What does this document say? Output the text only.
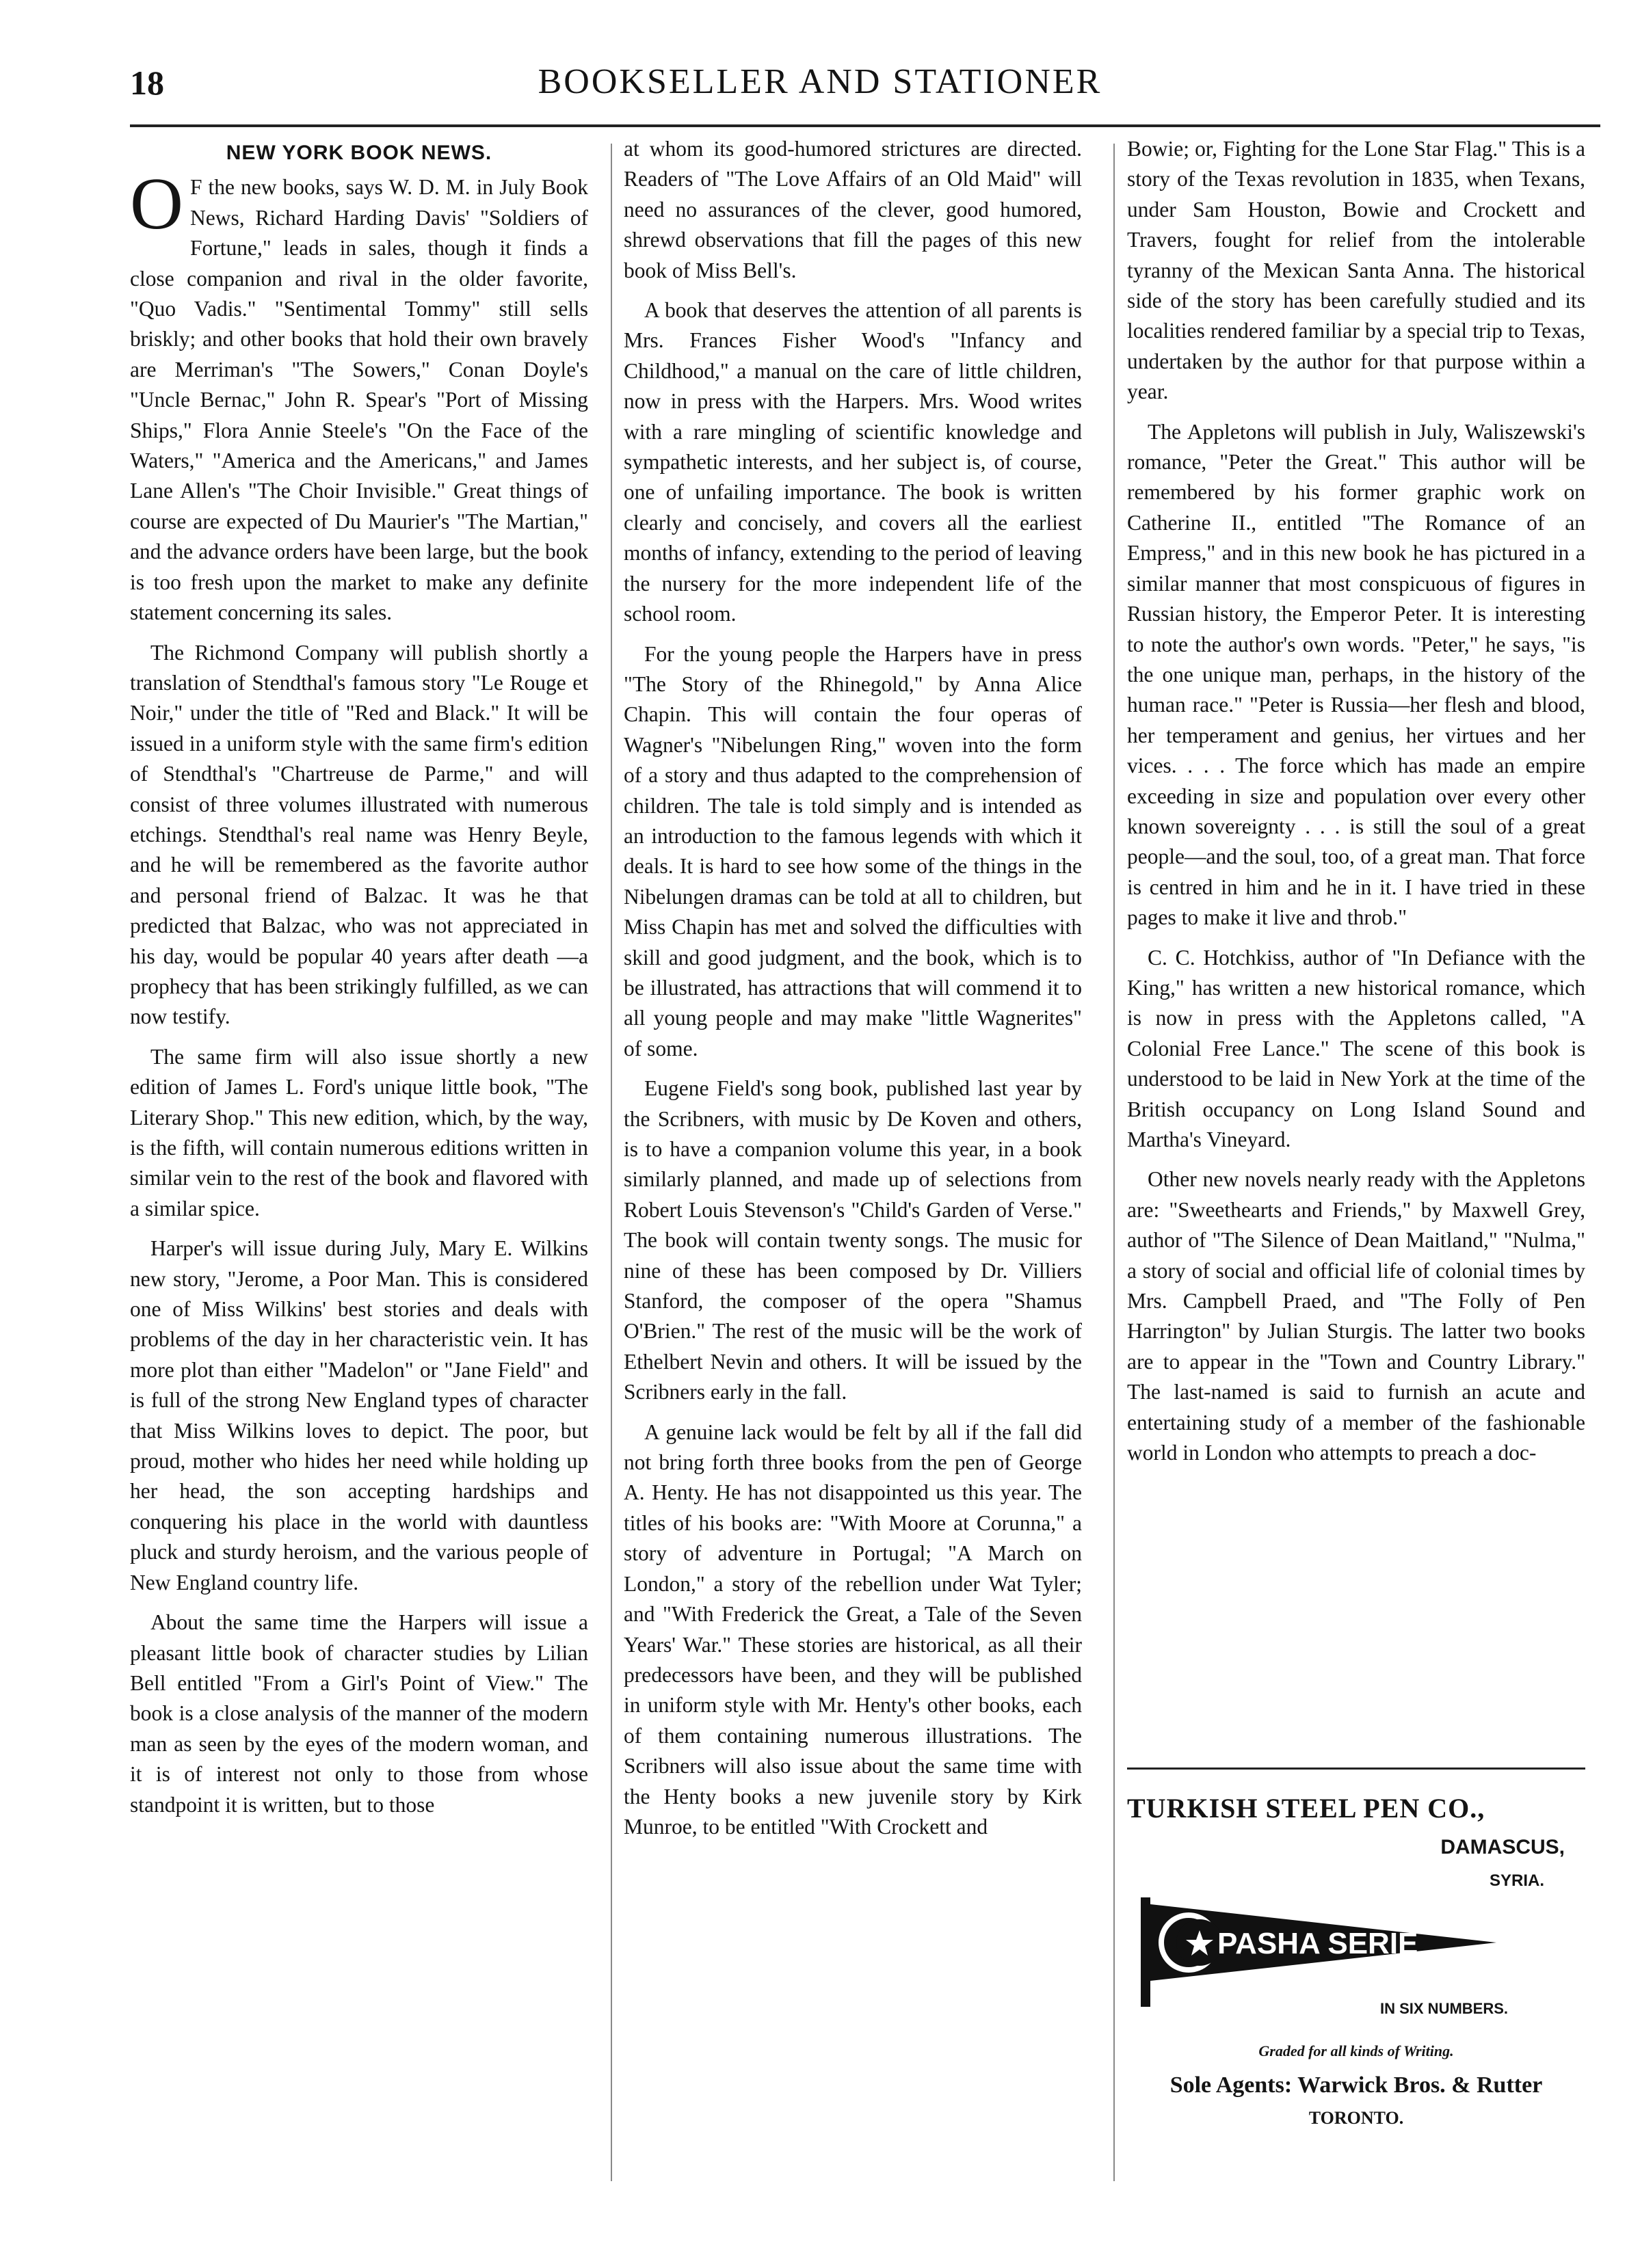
18	BOOKSELLER AND STATIONER
NEW YORK BOOK NEWS.

O F the new books, says W. D. M. in July Book News, Richard Harding Davis' "Soldiers of Fortune," leads in sales, though it finds a close companion and rival in the older favorite, "Quo Vadis." "Sentimental Tommy" still sells briskly; and other books that hold their own bravely are Merriman's "The Sowers," Conan Doyle's "Uncle Bernac," John R. Spear's "Port of Missing Ships," Flora Annie Steele's "On the Face of the Waters," "America and the Americans," and James Lane Allen's "The Choir Invisible." Great things of course are expected of Du Maurier's "The Martian," and the advance orders have been large, but the book is too fresh upon the market to make any definite statement concerning its sales.

The Richmond Company will publish shortly a translation of Stendthal's famous story "Le Rouge et Noir," under the title of "Red and Black." It will be issued in a uniform style with the same firm's edition of Stendthal's "Chartreuse de Parme," and will consist of three volumes illustrated with numerous etchings. Stendthal's real name was Henry Beyle, and he will be remembered as the favorite author and personal friend of Balzac. It was he that predicted that Balzac, who was not appreciated in his day, would be popular 40 years after death —a prophecy that has been strikingly fulfilled, as we can now testify.

The same firm will also issue shortly a new edition of James L. Ford's unique little book, "The Literary Shop." This new edition, which, by the way, is the fifth, will contain numerous editions written in similar vein to the rest of the book and flavored with a similar spice.

Harper's will issue during July, Mary E. Wilkins new story, "Jerome, a Poor Man. This is considered one of Miss Wilkins' best stories and deals with problems of the day in her characteristic vein. It has more plot than either "Madelon" or "Jane Field" and is full of the strong New England types of character that Miss Wilkins loves to depict. The poor, but proud, mother who hides her need while holding up her head, the son accepting hardships and conquering his place in the world with dauntless pluck and sturdy heroism, and the various people of New England country life.

About the same time the Harpers will issue a pleasant little book of character studies by Lilian Bell entitled "From a Girl's Point of View." The book is a close analysis of the manner of the modern man as seen by the eyes of the modern woman, and it is of interest not only to those from whose standpoint it is written, but to those

at whom its good-humored strictures are directed. Readers of "The Love Affairs of an Old Maid" will need no assurances of the clever, good humored, shrewd observations that fill the pages of this new book of Miss Bell's.

A book that deserves the attention of all parents is Mrs. Frances Fisher Wood's "Infancy and Childhood," a manual on the care of little children, now in press with the Harpers. Mrs. Wood writes with a rare mingling of scientific knowledge and sympathetic interests, and her subject is, of course, one of unfailing importance. The book is written clearly and concisely, and covers all the earliest months of infancy, extending to the period of leaving the nursery for the more independent life of the school room.

For the young people the Harpers have in press "The Story of the Rhinegold," by Anna Alice Chapin. This will contain the four operas of Wagner's "Nibelungen Ring," woven into the form of a story and thus adapted to the comprehension of children. The tale is told simply and is intended as an introduction to the famous legends with which it deals. It is hard to see how some of the things in the Nibelungen dramas can be told at all to children, but Miss Chapin has met and solved the difficulties with skill and good judgment, and the book, which is to be illustrated, has attractions that will commend it to all young people and may make "little Wagnerites" of some.

Eugene Field's song book, published last year by the Scribners, with music by De Koven and others, is to have a companion volume this year, in a book similarly planned, and made up of selections from Robert Louis Stevenson's "Child's Garden of Verse." The book will contain twenty songs. The music for nine of these has been composed by Dr. Villiers Stanford, the composer of the opera "Shamus O'Brien." The rest of the music will be the work of Ethelbert Nevin and others. It will be issued by the Scribners early in the fall.

A genuine lack would be felt by all if the fall did not bring forth three books from the pen of George A. Henty. He has not disappointed us this year. The titles of his books are: "With Moore at Corunna," a story of adventure in Portugal; "A March on London," a story of the rebellion under Wat Tyler; and "With Frederick the Great, a Tale of the Seven Years' War." These stories are historical, as all their predecessors have been, and they will be published in uniform style with Mr. Henty's other books, each of them containing numerous illustrations. The Scribners will also issue about the same time with the Henty books a new juvenile story by Kirk Munroe, to be entitled "With Crockett and

Bowie; or, Fighting for the Lone Star Flag." This is a story of the Texas revolution in 1835, when Texans, under Sam Houston, Bowie and Crockett and Travers, fought for relief from the intolerable tyranny of the Mexican Santa Anna. The historical side of the story has been carefully studied and its localities rendered familiar by a special trip to Texas, undertaken by the author for that purpose within a year.

The Appletons will publish in July, Waliszewski's romance, "Peter the Great." This author will be remembered by his former graphic work on Catherine II., entitled "The Romance of an Empress," and in this new book he has pictured in a similar manner that most conspicuous of figures in Russian history, the Emperor Peter. It is interesting to note the author's own words. "Peter," he says, "is the one unique man, perhaps, in the history of the human race." "Peter is Russia—her flesh and blood, her temperament and genius, her virtues and her vices. . . . The force which has made an empire exceeding in size and population over every other known sovereignty . . . is still the soul of a great people—and the soul, too, of a great man. That force is centred in him and he in it. I have tried in these pages to make it live and throb."

C. C. Hotchkiss, author of "In Defiance with the King," has written a new historical romance, which is now in press with the Appletons called, "A Colonial Free Lance." The scene of this book is understood to be laid in New York at the time of the British occupancy on Long Island Sound and Martha's Vineyard.

Other new novels nearly ready with the Appletons are: "Sweethearts and Friends," by Maxwell Grey, author of "The Silence of Dean Maitland," "Nulma," a story of social and official life of colonial times by Mrs. Campbell Praed, and "The Folly of Pen Harrington" by Julian Sturgis. The latter two books are to appear in the "Town and Country Library." The last-named is said to furnish an acute and entertaining study of a member of the fashionable world in London who attempts to preach a doc-

TURKISH STEEL PEN CO.,
DAMASCUS,
SYRIA.
PASHA SERIE
IN SIX NUMBERS.
Graded for all kinds of Writing.
Sole Agents: Warwick Bros. & Rutter
TORONTO.
